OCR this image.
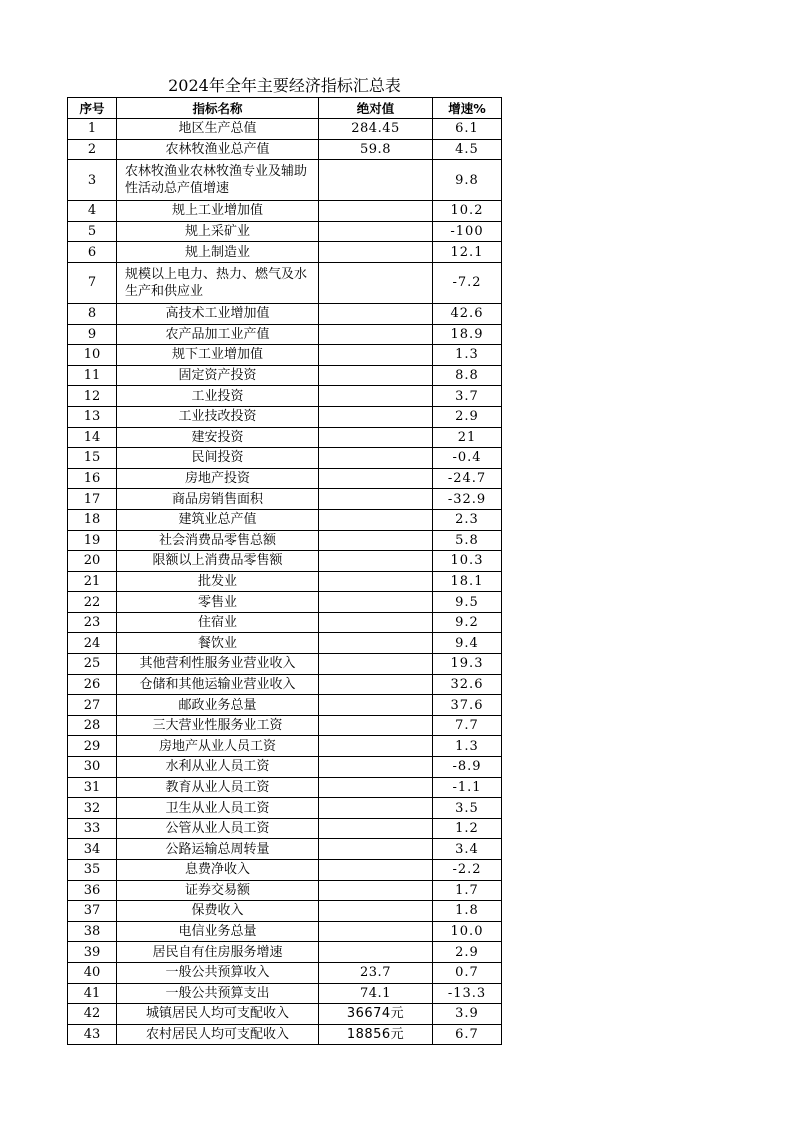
2024年全年主要经济指标汇总表
序号	指标名称	绝对值	增速%
1	地区生产总值	284.45	6.1
2	农林牧渔业总产值	59.8	4.5
3	农林牧渔业农林牧渔专业及辅助性活动总产值增速		9.8
4	规上工业增加值		10.2
5	规上采矿业		-100
6	规上制造业		12.1
7	规模以上电力、热力、燃气及水生产和供应业		-7.2
8	高技术工业增加值		42.6
9	农产品加工业产值		18.9
10	规下工业增加值		1.3
11	固定资产投资		8.8
12	工业投资		3.7
13	工业技改投资		2.9
14	建安投资		21
15	民间投资		-0.4
16	房地产投资		-24.7
17	商品房销售面积		-32.9
18	建筑业总产值		2.3
19	社会消费品零售总额		5.8
20	限额以上消费品零售额		10.3
21	批发业		18.1
22	零售业		9.5
23	住宿业		9.2
24	餐饮业		9.4
25	其他营利性服务业营业收入		19.3
26	仓储和其他运输业营业收入		32.6
27	邮政业务总量		37.6
28	三大营业性服务业工资		7.7
29	房地产从业人员工资		1.3
30	水利从业人员工资		-8.9
31	教育从业人员工资		-1.1
32	卫生从业人员工资		3.5
33	公管从业人员工资		1.2
34	公路运输总周转量		3.4
35	息费净收入		-2.2
36	证券交易额		1.7
37	保费收入		1.8
38	电信业务总量		10.0
39	居民自有住房服务增速		2.9
40	一般公共预算收入	23.7	0.7
41	一般公共预算支出	74.1	-13.3
42	城镇居民人均可支配收入	36674元	3.9
43	农村居民人均可支配收入	18856元	6.7
